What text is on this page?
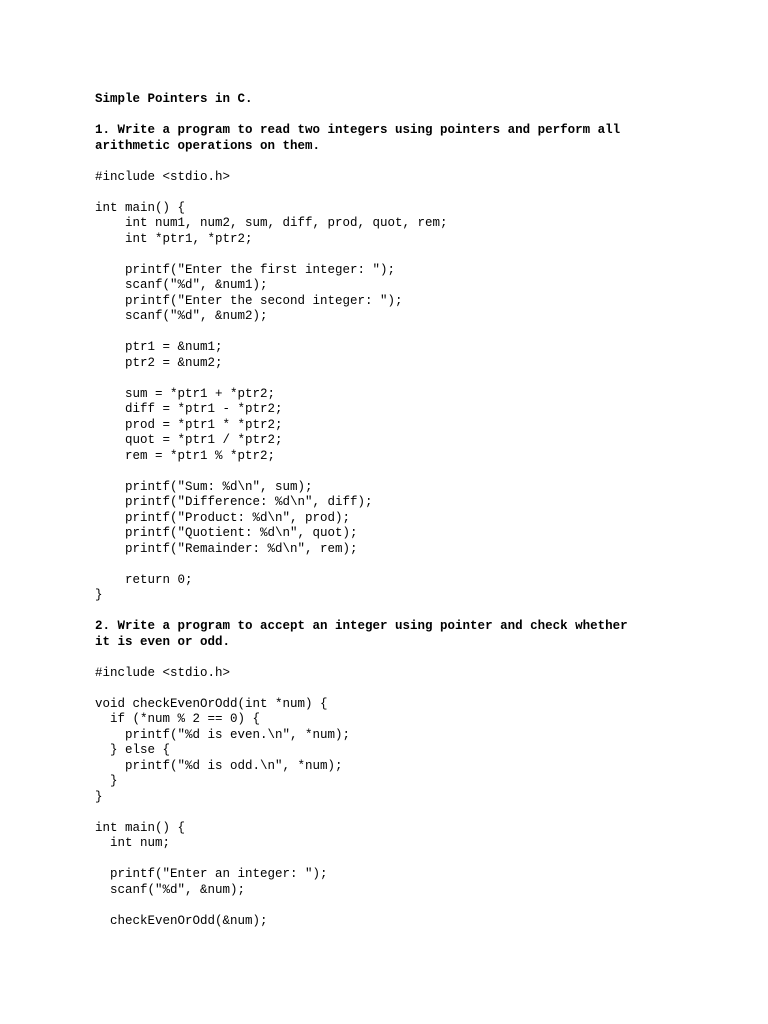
Simple Pointers in C.
1. Write a program to read two integers using pointers and perform all
arithmetic operations on them.
#include <stdio.h>
int main() {
int num1, num2, sum, diff, prod, quot, rem;
int *ptr1, *ptr2;
printf("Enter the first integer: ");
scanf("%d", &num1);
printf("Enter the second integer: ");
scanf("%d", &num2);
ptr1 = &num1;
ptr2 = &num2;
sum = *ptr1 + *ptr2;
diff = *ptr1 - *ptr2;
prod = *ptr1 * *ptr2;
quot = *ptr1 / *ptr2;
rem = *ptr1 % *ptr2;
printf("Sum: %d\n", sum);
printf("Difference: %d\n", diff);
printf("Product: %d\n", prod);
printf("Quotient: %d\n", quot);
printf("Remainder: %d\n", rem);
return 0;
}
2. Write a program to accept an integer using pointer and check whether
it is even or odd.
#include <stdio.h>
void checkEvenOrOdd(int *num) {
if (*num % 2 == 0) {
printf("%d is even.\n", *num);
} else {
printf("%d is odd.\n", *num);
}
}
int main() {
int num;
printf("Enter an integer: ");
scanf("%d", &num);
checkEvenOrOdd(&num);
